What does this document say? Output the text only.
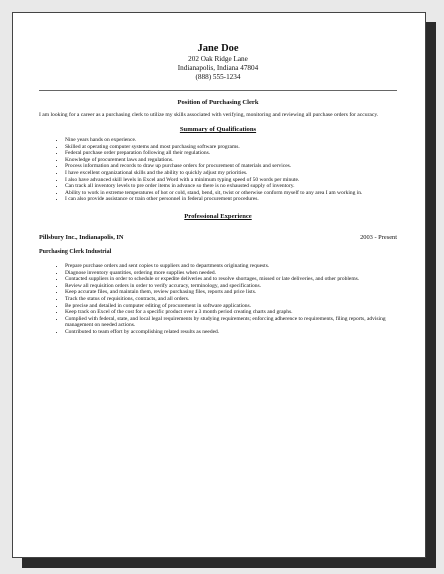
Jane Doe
202 Oak Ridge Lane
Indianapolis, Indiana 47804
(888) 555-1234
Position of Purchasing Clerk

I am looking for a career as a purchasing clerk to utilize my skills associated with verifying, monitoring and reviewing all purchase orders for accuracy.

Summary of Qualifications
• Nine years hands on experience.
• Skilled at operating computer systems and most purchasing software programs.
• Federal purchase order preparation following all their regulations.
• Knowledge of procurement laws and regulations.
• Process information and records to draw up purchase orders for procurement of materials and services.
• I have excellent organizational skills and the ability to quickly adjust my priorities.
• I also have advanced skill levels in Excel and Word with a minimum typing speed of 50 words per minute.
• Can track all inventory levels to pre order items in advance so there is no exhausted supply of inventory.
• Ability to work in extreme temperatures of hot or cold, stand, bend, sit, twist or otherwise conform myself to any area I am working in.
• I can also provide assistance or train other personnel in federal procurement procedures.
Professional Experience
Pillsbury Inc., Indianapolis, IN	2003 - Present
Purchasing Clerk Industrial
• Prepare purchase orders and sent copies to suppliers and to departments originating requests.
• Diagnose inventory quantities, ordering more supplies when needed.
• Contacted suppliers in order to schedule or expedite deliveries and to resolve shortages, missed or late deliveries, and other problems.
• Review all requisition orders in order to verify accuracy, terminology, and specifications.
• Keep accurate files, and maintain them, review purchasing files, reports and price lists.
• Track the status of requisitions, contracts, and all orders.
• Be precise and detailed in computer editing of procurement in software applications.
• Keep track on Excel of the cost for a specific product over a 3 month period creating charts and graphs.
• Complied with federal, state, and local legal requirements by studying requirements; enforcing adherence to requirements, filing reports, advising management on needed actions.
• Contributed to team effort by accomplishing related results as needed.
